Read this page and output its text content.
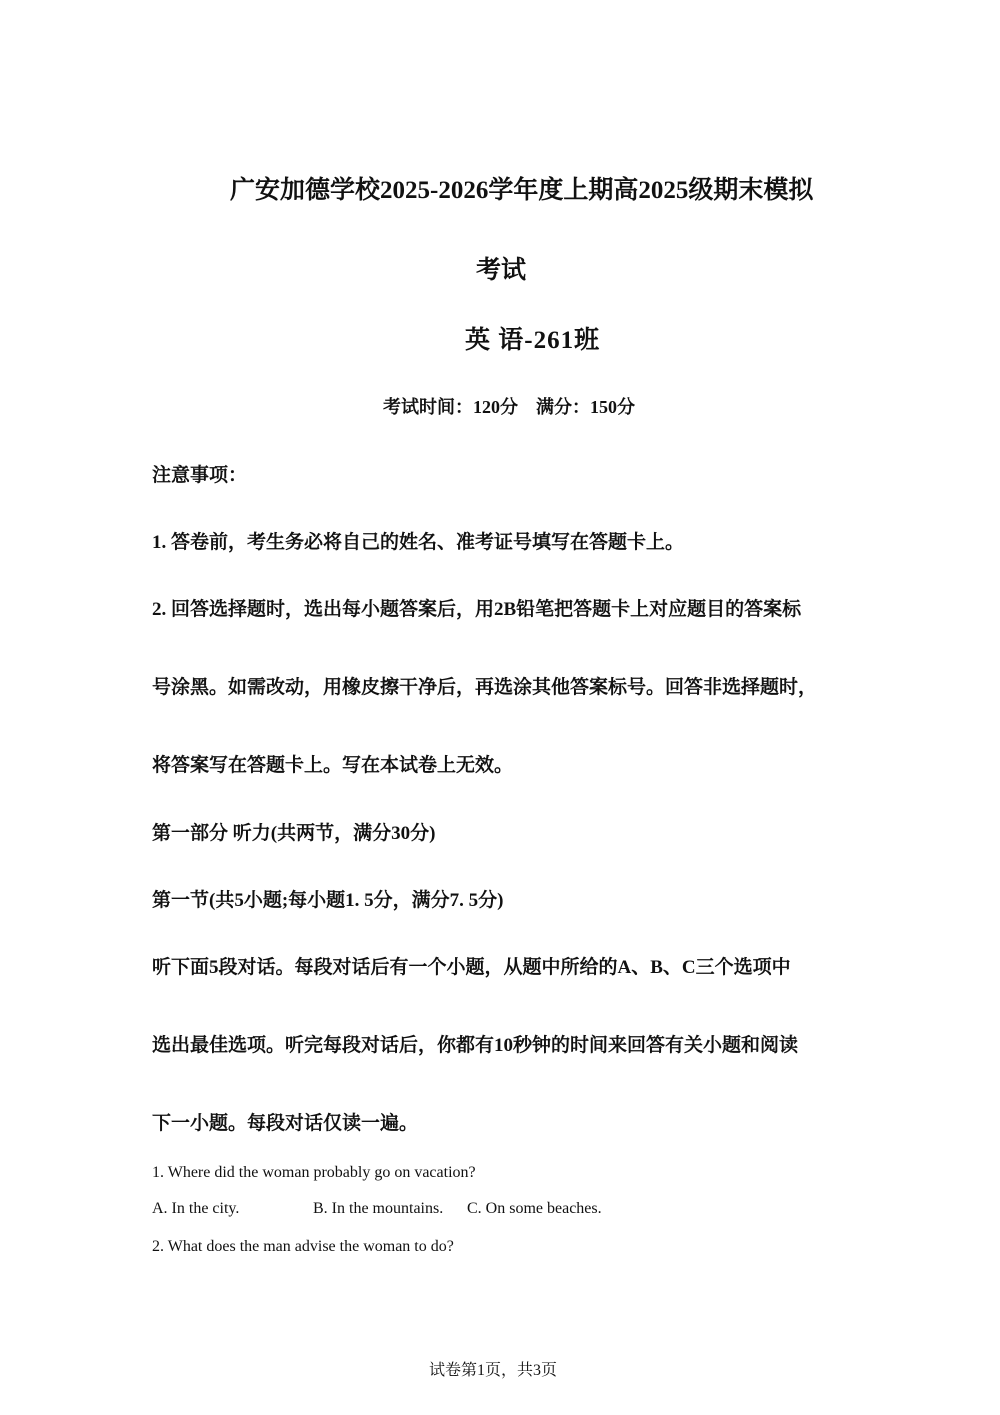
广安加德学校2025-2026学年度上期高2025级期末模拟
考试
英 语-261班
考试时间：120分　满分：150分
注意事项：
1. 答卷前，考生务必将自己的姓名、准考证号填写在答题卡上。
2. 回答选择题时，选出每小题答案后，用2B铅笔把答题卡上对应题目的答案标
号涂黑。如需改动，用橡皮擦干净后，再选涂其他答案标号。回答非选择题时，
将答案写在答题卡上。写在本试卷上无效。
第一部分 听力(共两节，满分30分)
第一节(共5小题;每小题1. 5分，满分7. 5分)
听下面5段对话。每段对话后有一个小题，从题中所给的A、B、C三个选项中
选出最佳选项。听完每段对话后，你都有10秒钟的时间来回答有关小题和阅读
下一小题。每段对话仅读一遍。
1. Where did the woman probably go on vacation?
A. In the city.	B. In the mountains. C. On some beaches.
2. What does the man advise the woman to do?
试卷第1页，共3页
